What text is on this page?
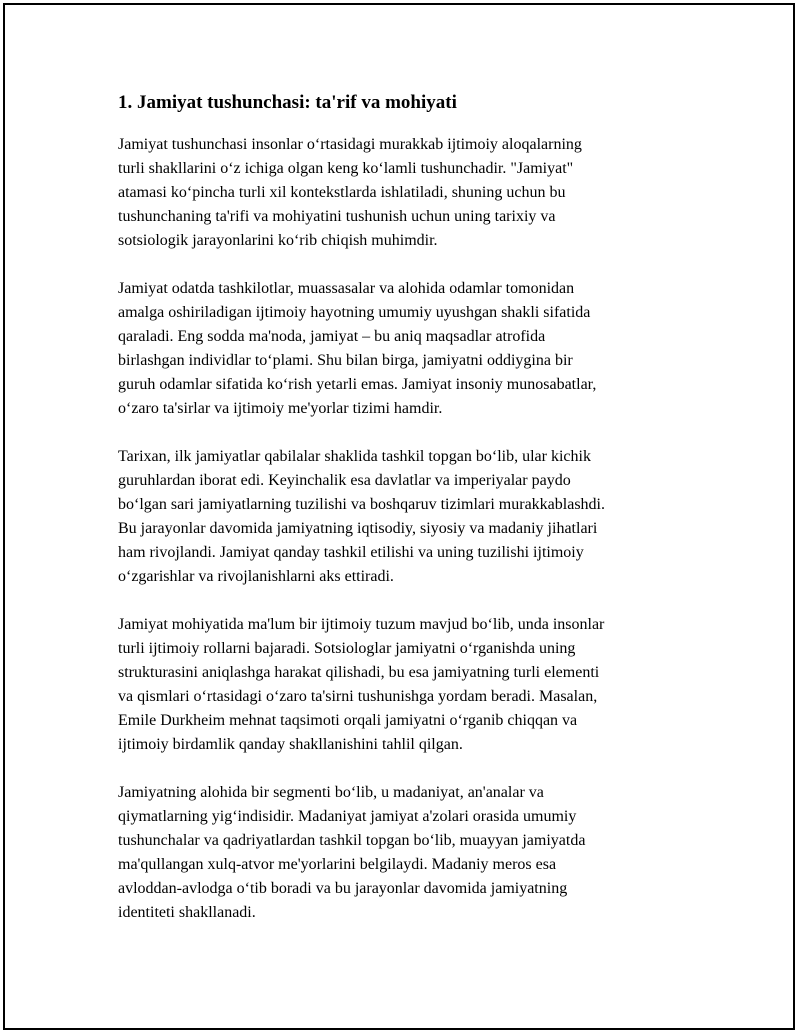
1. Jamiyat tushunchasi: ta'rif va mohiyati
Jamiyat tushunchasi insonlar oʻrtasidagi murakkab ijtimoiy aloqalarning
turli shakllarini oʻz ichiga olgan keng koʻlamli tushunchadir. "Jamiyat"
atamasi koʻpincha turli xil kontekstlarda ishlatiladi, shuning uchun bu
tushunchaning ta'rifi va mohiyatini tushunish uchun uning tarixiy va
sotsiologik jarayonlarini koʻrib chiqish muhimdir.
Jamiyat odatda tashkilotlar, muassasalar va alohida odamlar tomonidan
amalga oshiriladigan ijtimoiy hayotning umumiy uyushgan shakli sifatida
qaraladi. Eng sodda ma'noda, jamiyat – bu aniq maqsadlar atrofida
birlashgan individlar toʻplami. Shu bilan birga, jamiyatni oddiygina bir
guruh odamlar sifatida koʻrish yetarli emas. Jamiyat insoniy munosabatlar,
oʻzaro ta'sirlar va ijtimoiy me'yorlar tizimi hamdir.
Tarixan, ilk jamiyatlar qabilalar shaklida tashkil topgan boʻlib, ular kichik
guruhlardan iborat edi. Keyinchalik esa davlatlar va imperiyalar paydo
boʻlgan sari jamiyatlarning tuzilishi va boshqaruv tizimlari murakkablashdi.
Bu jarayonlar davomida jamiyatning iqtisodiy, siyosiy va madaniy jihatlari
ham rivojlandi. Jamiyat qanday tashkil etilishi va uning tuzilishi ijtimoiy
oʻzgarishlar va rivojlanishlarni aks ettiradi.
Jamiyat mohiyatida ma'lum bir ijtimoiy tuzum mavjud boʻlib, unda insonlar
turli ijtimoiy rollarni bajaradi. Sotsiologlar jamiyatni oʻrganishda uning
strukturasini aniqlashga harakat qilishadi, bu esa jamiyatning turli elementi
va qismlari oʻrtasidagi oʻzaro ta'sirni tushunishga yordam beradi. Masalan,
Emile Durkheim mehnat taqsimoti orqali jamiyatni oʻrganib chiqqan va
ijtimoiy birdamlik qanday shakllanishini tahlil qilgan.
Jamiyatning alohida bir segmenti boʻlib, u madaniyat, an'analar va
qiymatlarning yigʻindisidir. Madaniyat jamiyat a'zolari orasida umumiy
tushunchalar va qadriyatlardan tashkil topgan boʻlib, muayyan jamiyatda
ma'qullangan xulq-atvor me'yorlarini belgilaydi. Madaniy meros esa
avloddan-avlodga oʻtib boradi va bu jarayonlar davomida jamiyatning
identiteti shakllanadi.
